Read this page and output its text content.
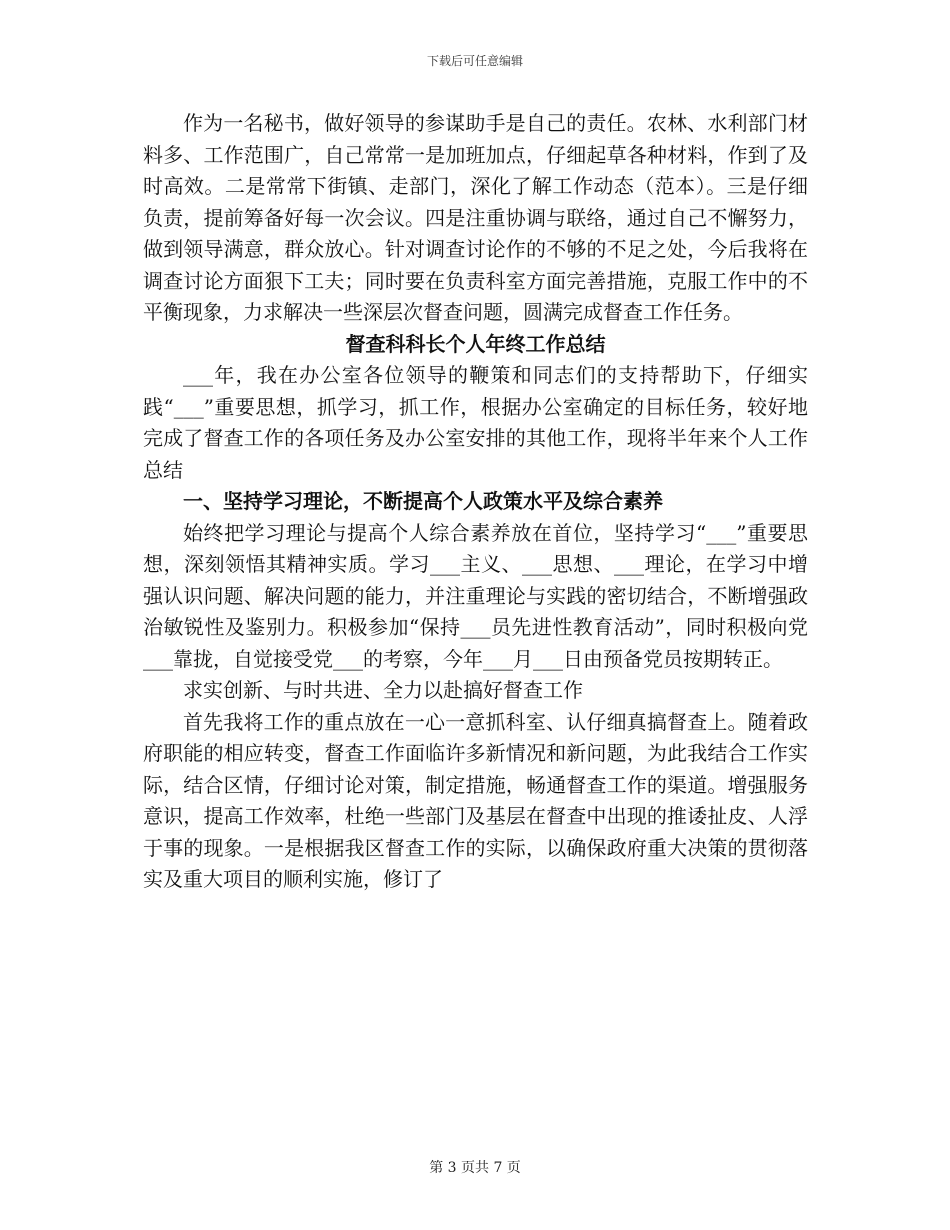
下载后可任意编辑

作为一名秘书，做好领导的参谋助手是自己的责任。农林、水利部门材料多、工作范围广，自己常常一是加班加点，仔细起草各种材料，作到了及时高效。二是常常下街镇、走部门，深化了解工作动态（范本）。三是仔细负责，提前筹备好每一次会议。四是注重协调与联络，通过自己不懈努力，做到领导满意，群众放心。针对调查讨论作的不够的不足之处，今后我将在调查讨论方面狠下工夫；同时要在负责科室方面完善措施，克服工作中的不平衡现象，力求解决一些深层次督查问题，圆满完成督查工作任务。

督查科科长个人年终工作总结

___年，我在办公室各位领导的鞭策和同志们的支持帮助下，仔细实践“___”重要思想，抓学习，抓工作，根据办公室确定的目标任务，较好地完成了督查工作的各项任务及办公室安排的其他工作，现将半年来个人工作总结

一、坚持学习理论，不断提高个人政策水平及综合素养

始终把学习理论与提高个人综合素养放在首位，坚持学习“___”重要思想，深刻领悟其精神实质。学习___主义、___思想、___理论，在学习中增强认识问题、解决问题的能力，并注重理论与实践的密切结合，不断增强政治敏锐性及鉴别力。积极参加“保持___员先进性教育活动”，同时积极向党___靠拢，自觉接受党___的考察，今年___月___日由预备党员按期转正。

求实创新、与时共进、全力以赴搞好督查工作

首先我将工作的重点放在一心一意抓科室、认仔细真搞督查上。随着政府职能的相应转变，督查工作面临许多新情况和新问题，为此我结合工作实际，结合区情，仔细讨论对策，制定措施，畅通督查工作的渠道。增强服务意识，提高工作效率，杜绝一些部门及基层在督查中出现的推诿扯皮、人浮于事的现象。一是根据我区督查工作的实际，以确保政府重大决策的贯彻落实及重大项目的顺利实施，修订了

第 3 页共 7 页
